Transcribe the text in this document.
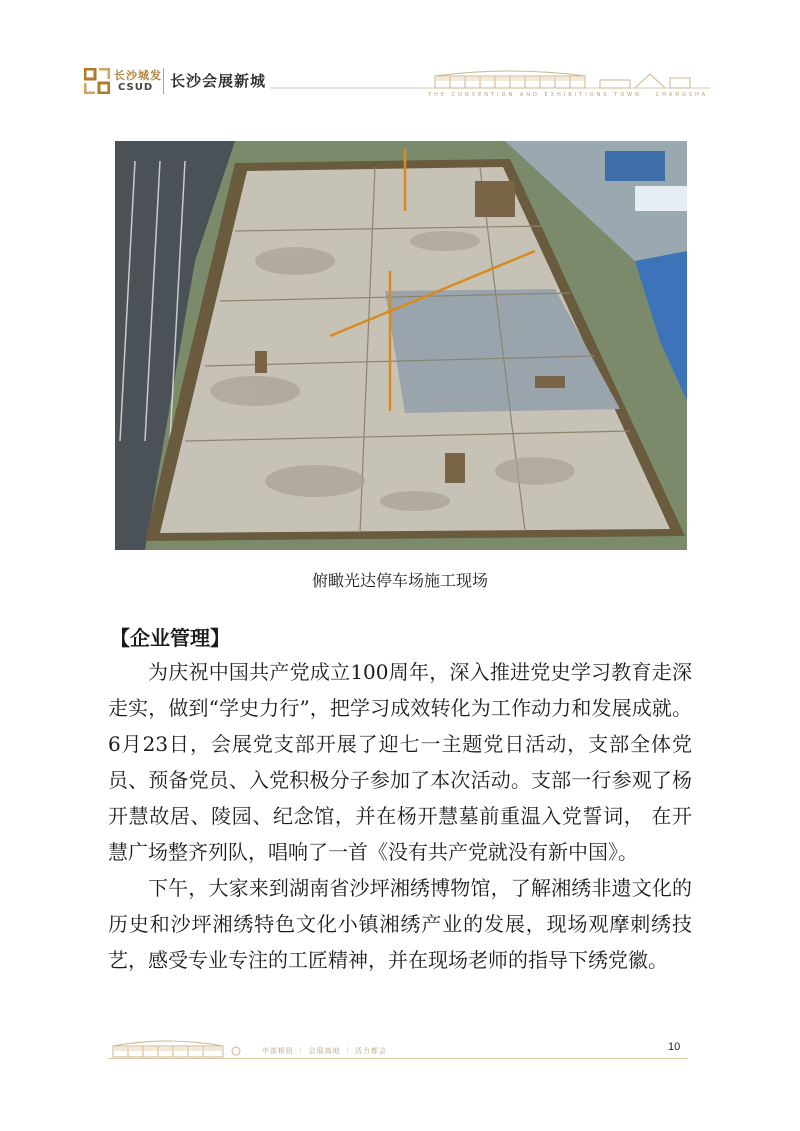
长沙城发
CSUD 长沙会展新城
THE CONVENTION AND EXHIBITIONS TOWN · CHANGSHA
俯瞰光达停车场施工现场
【企业管理】

为庆祝中国共产党成立100周年，深入推进党史学习教育走深走实，做到“学史力行”，把学习成效转化为工作动力和发展成就。6月23日，会展党支部开展了迎七一主题党日活动，支部全体党员、预备党员、入党积极分子参加了本次活动。支部一行参观了杨开慧故居、陵园、纪念馆，并在杨开慧墓前重温入党誓词， 在开慧广场整齐列队，唱响了一首《没有共产党就没有新中国》。

下午，大家来到湖南省沙坪湘绣博物馆，了解湘绣非遗文化的历史和沙坪湘绣特色文化小镇湘绣产业的发展，现场观摩刺绣技艺，感受专业专注的工匠精神，并在现场老师的指导下绣党徽。

中部枢纽 ｜ 会展高地 ｜ 活力都会	10
